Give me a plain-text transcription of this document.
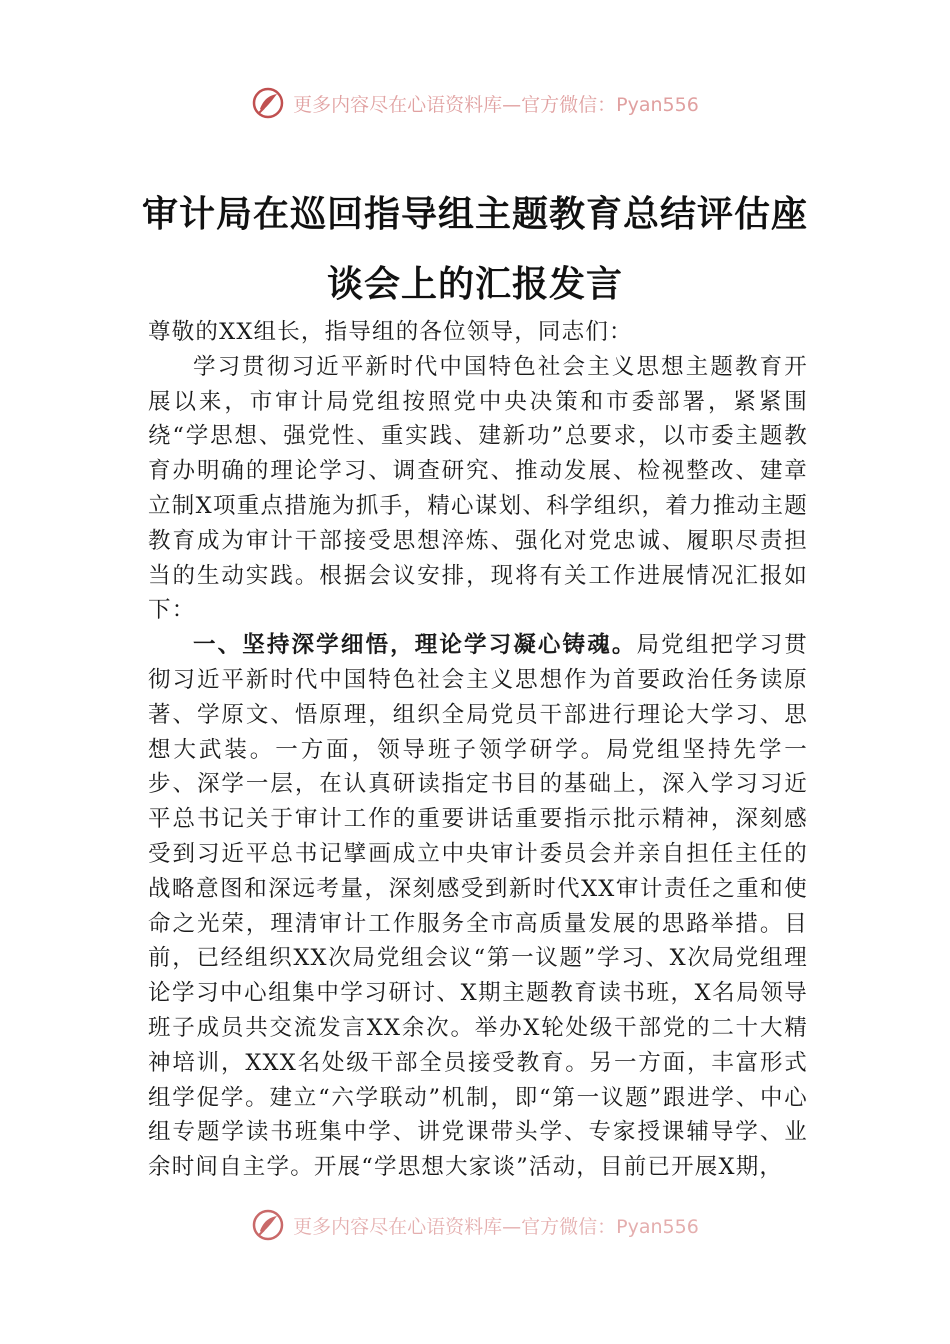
更多内容尽在心语资料库—官方微信：Pyan556
审计局在巡回指导组主题教育总结评估座
谈会上的汇报发言

尊敬的XX组长，指导组的各位领导，同志们：

学习贯彻习近平新时代中国特色社会主义思想主题教育开展以来，市审计局党组按照党中央决策和市委部署，紧紧围绕“学思想、强党性、重实践、建新功”总要求，以市委主题教育办明确的理论学习、调查研究、推动发展、检视整改、建章立制X项重点措施为抓手，精心谋划、科学组织，着力推动主题教育成为审计干部接受思想淬炼、强化对党忠诚、履职尽责担当的生动实践。根据会议安排，现将有关工作进展情况汇报如下：

一、坚持深学细悟，理论学习凝心铸魂。局党组把学习贯彻习近平新时代中国特色社会主义思想作为首要政治任务读原著、学原文、悟原理，组织全局党员干部进行理论大学习、思想大武装。一方面，领导班子领学研学。局党组坚持先学一步、深学一层，在认真研读指定书目的基础上，深入学习习近平总书记关于审计工作的重要讲话重要指示批示精神，深刻感受到习近平总书记擘画成立中央审计委员会并亲自担任主任的战略意图和深远考量，深刻感受到新时代XX审计责任之重和使命之光荣，理清审计工作服务全市高质量发展的思路举措。目前，已经组织XX次局党组会议“第一议题”学习、X次局党组理论学习中心组集中学习研讨、X期主题教育读书班，X名局领导班子成员共交流发言XX余次。举办X轮处级干部党的二十大精神培训，XXX名处级干部全员接受教育。另一方面，丰富形式组学促学。建立“六学联动”机制，即“第一议题”跟进学、中心组专题学读书班集中学、讲党课带头学、专家授课辅导学、业余时间自主学。开展“学思想大家谈”活动，目前已开展X期，

更多内容尽在心语资料库—官方微信：Pyan556
